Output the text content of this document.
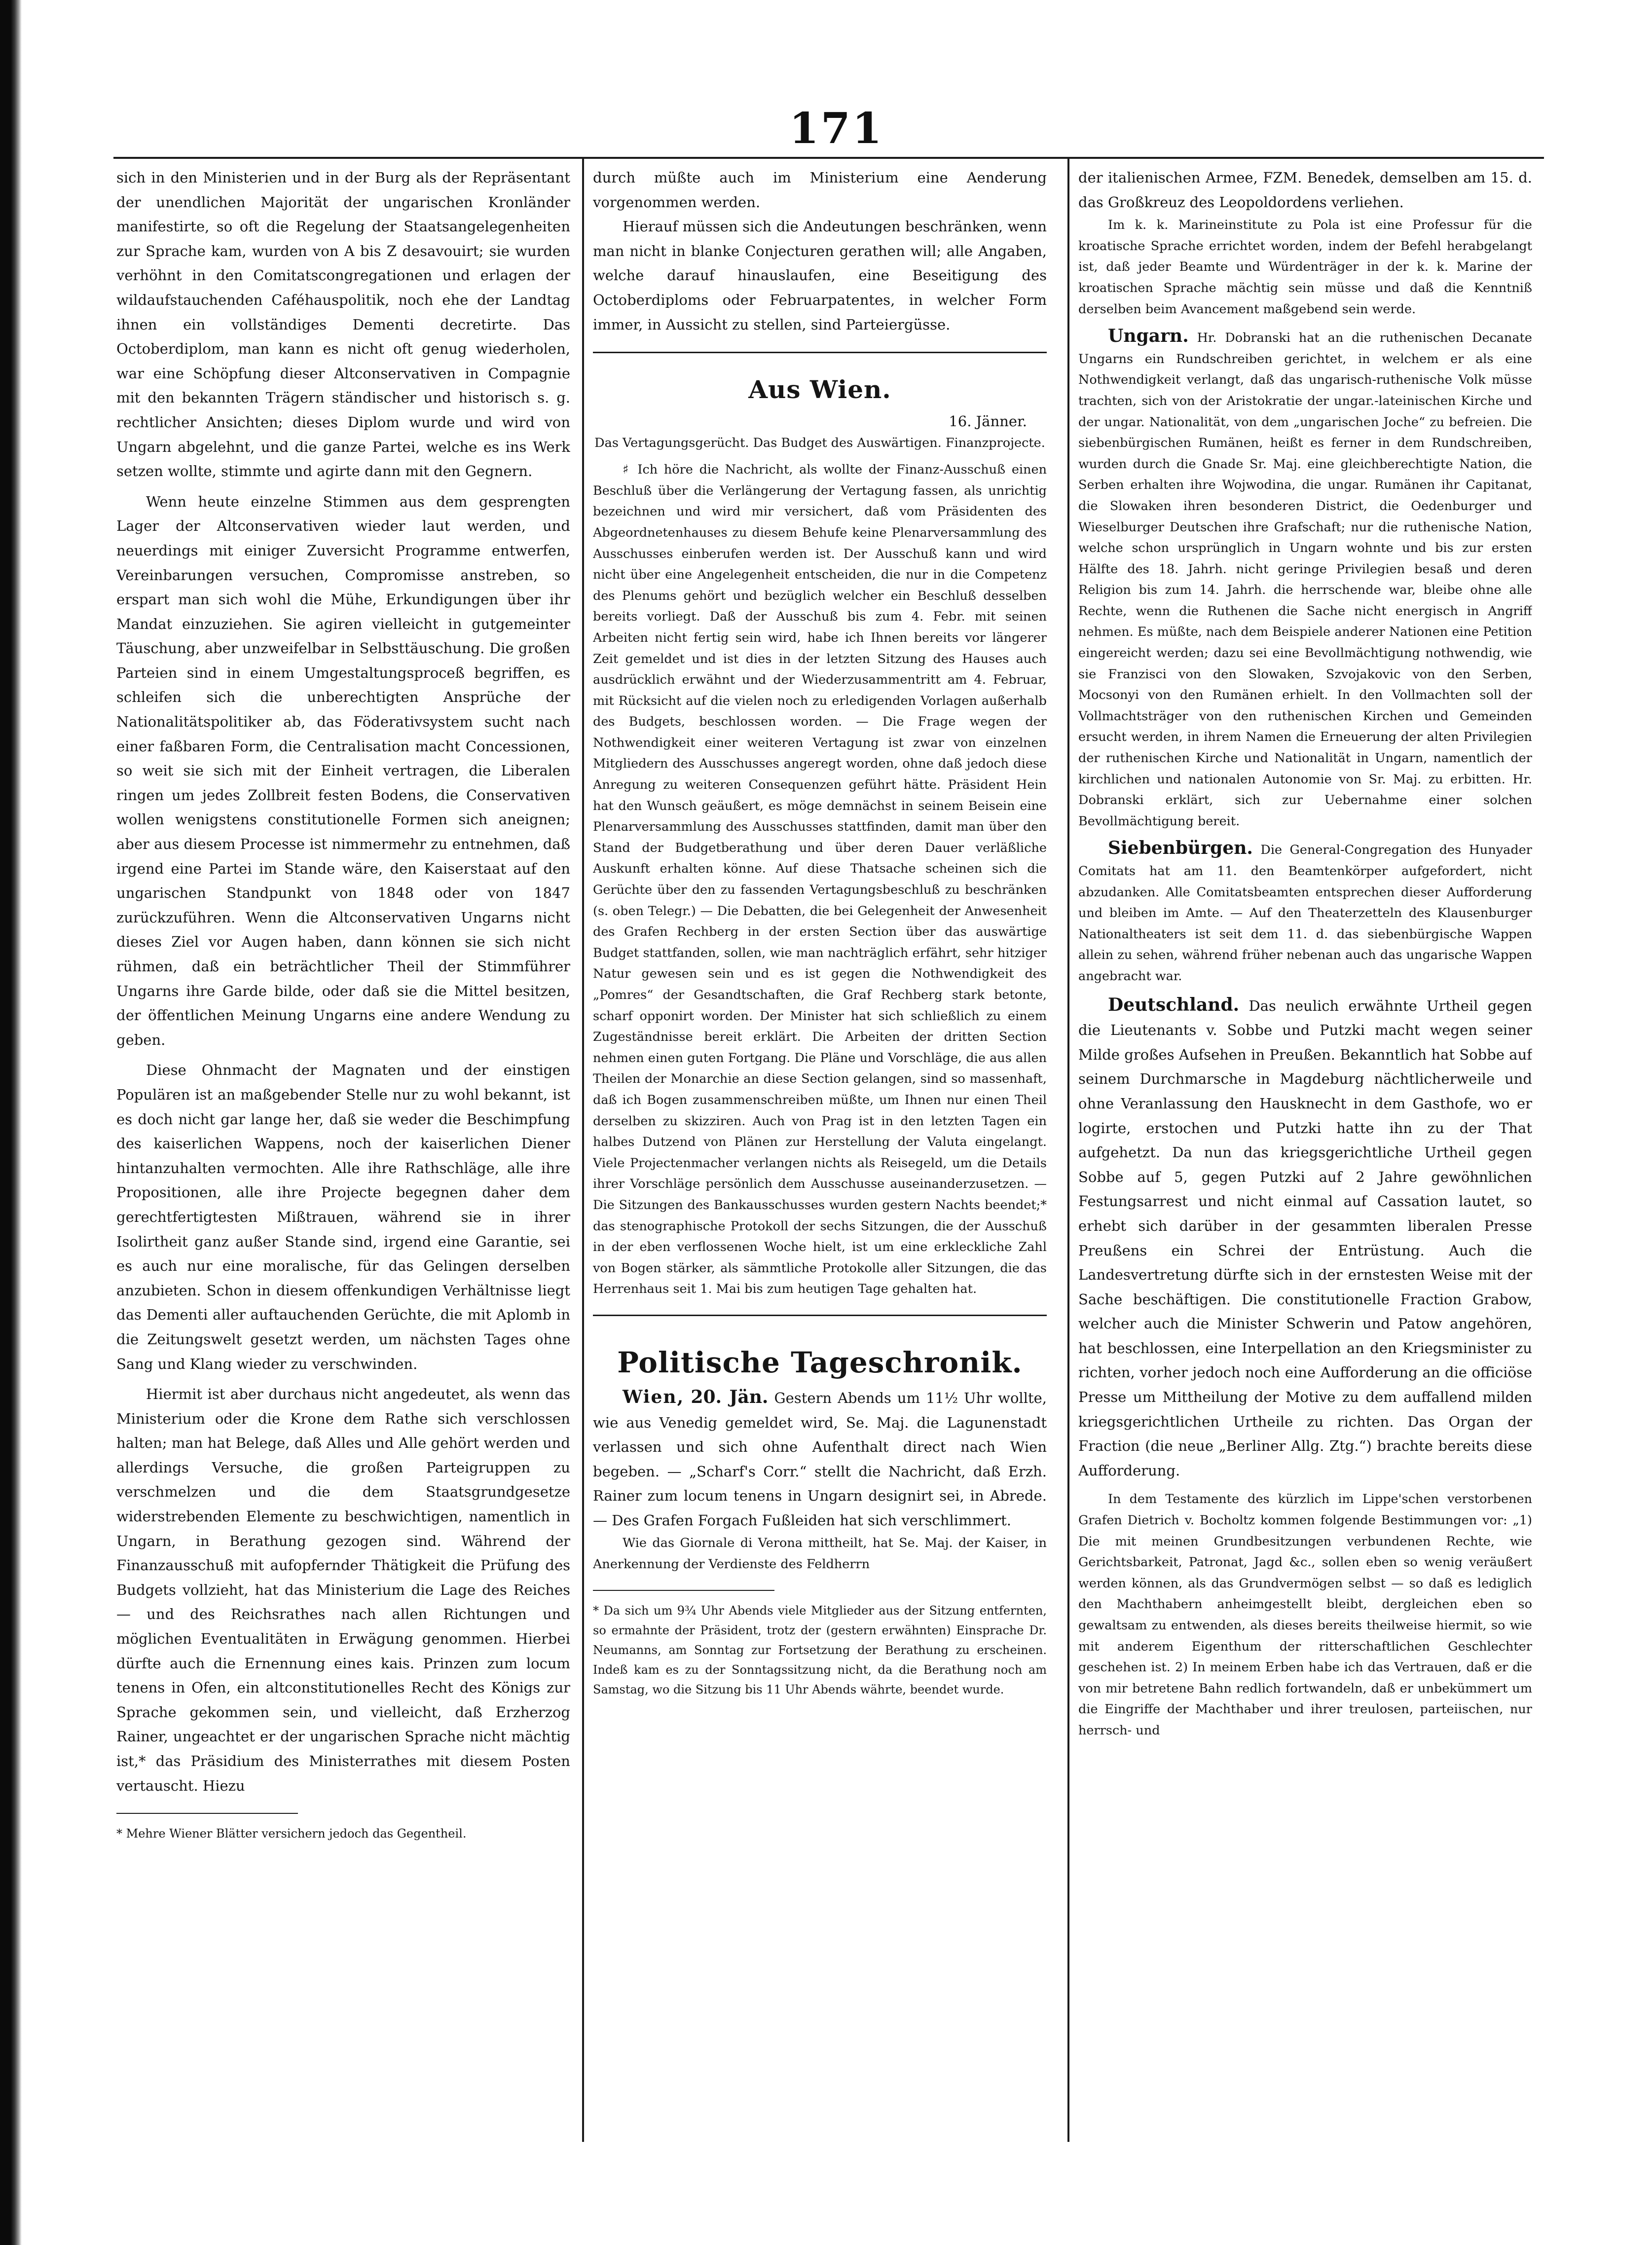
171

sich in den Ministerien und in der Burg als der Repräsentant der unendlichen Majorität der ungarischen Kronländer manifestirte, so oft die Regelung der Staatsangelegenheiten zur Sprache kam, wurden von A bis Z desavouirt; sie wurden verhöhnt in den Comitatscongregationen und erlagen der wildaufstauchenden Caféhauspolitik, noch ehe der Landtag ihnen ein vollständiges Dementi decretirte. Das Octoberdiplom, man kann es nicht oft genug wiederholen, war eine Schöpfung dieser Altconservativen in Compagnie mit den bekannten Trägern ständischer und historisch s. g. rechtlicher Ansichten; dieses Diplom wurde und wird von Ungarn abgelehnt, und die ganze Partei, welche es ins Werk setzen wollte, stimmte und agirte dann mit den Gegnern.

Wenn heute einzelne Stimmen aus dem gesprengten Lager der Altconservativen wieder laut werden, und neuerdings mit einiger Zuversicht Programme entwerfen, Vereinbarungen versuchen, Compromisse anstreben, so erspart man sich wohl die Mühe, Erkundigungen über ihr Mandat einzuziehen. Sie agiren vielleicht in gutgemeinter Täuschung, aber unzweifelbar in Selbsttäuschung. Die großen Parteien sind in einem Umgestaltungsproceß begriffen, es schleifen sich die unberechtigten Ansprüche der Nationalitätspolitiker ab, das Föderativsystem sucht nach einer faßbaren Form, die Centralisation macht Concessionen, so weit sie sich mit der Einheit vertragen, die Liberalen ringen um jedes Zollbreit festen Bodens, die Conservativen wollen wenigstens constitutionelle Formen sich aneignen; aber aus diesem Processe ist nimmermehr zu entnehmen, daß irgend eine Partei im Stande wäre, den Kaiserstaat auf den ungarischen Standpunkt von 1848 oder von 1847 zurückzuführen. Wenn die Altconservativen Ungarns nicht dieses Ziel vor Augen haben, dann können sie sich nicht rühmen, daß ein beträchtlicher Theil der Stimmführer Ungarns ihre Garde bilde, oder daß sie die Mittel besitzen, der öffentlichen Meinung Ungarns eine andere Wendung zu geben.

Diese Ohnmacht der Magnaten und der einstigen Populären ist an maßgebender Stelle nur zu wohl bekannt, ist es doch nicht gar lange her, daß sie weder die Beschimpfung des kaiserlichen Wappens, noch der kaiserlichen Diener hintanzuhalten vermochten. Alle ihre Rathschläge, alle ihre Propositionen, alle ihre Projecte begegnen daher dem gerechtfertigtesten Mißtrauen, während sie in ihrer Isolirtheit ganz außer Stande sind, irgend eine Garantie, sei es auch nur eine moralische, für das Gelingen derselben anzubieten. Schon in diesem offenkundigen Verhältnisse liegt das Dementi aller auftauchenden Gerüchte, die mit Aplomb in die Zeitungswelt gesetzt werden, um nächsten Tages ohne Sang und Klang wieder zu verschwinden.

Hiermit ist aber durchaus nicht angedeutet, als wenn das Ministerium oder die Krone dem Rathe sich verschlossen halten; man hat Belege, daß Alles und Alle gehört werden und allerdings Versuche, die großen Parteigruppen zu verschmelzen und die dem Staatsgrundgesetze widerstrebenden Elemente zu beschwichtigen, namentlich in Ungarn, in Berathung gezogen sind. Während der Finanzausschuß mit aufopfernder Thätigkeit die Prüfung des Budgets vollzieht, hat das Ministerium die Lage des Reiches — und des Reichsrathes nach allen Richtungen und möglichen Eventualitäten in Erwägung genommen. Hierbei dürfte auch die Ernennung eines kais. Prinzen zum locum tenens in Ofen, ein altconstitutionelles Recht des Königs zur Sprache gekommen sein, und vielleicht, daß Erzherzog Rainer, ungeachtet er der ungarischen Sprache nicht mächtig ist,* das Präsidium des Ministerrathes mit diesem Posten vertauscht. Hiezu

* Mehre Wiener Blätter versichern jedoch das Gegentheil.

durch müßte auch im Ministerium eine Aenderung vorgenommen werden.

Hierauf müssen sich die Andeutungen beschränken, wenn man nicht in blanke Conjecturen gerathen will; alle Angaben, welche darauf hinauslaufen, eine Beseitigung des Octoberdiploms oder Februarpatentes, in welcher Form immer, in Aussicht zu stellen, sind Parteiergüsse.

Aus Wien.
16. Jänner.
Das Vertagungsgerücht. Das Budget des Auswärtigen. Finanzprojecte.

♯ Ich höre die Nachricht, als wollte der Finanz-Ausschuß einen Beschluß über die Verlängerung der Vertagung fassen, als unrichtig bezeichnen und wird mir versichert, daß vom Präsidenten des Abgeordnetenhauses zu diesem Behufe keine Plenarversammlung des Ausschusses einberufen werden ist. Der Ausschuß kann und wird nicht über eine Angelegenheit entscheiden, die nur in die Competenz des Plenums gehört und bezüglich welcher ein Beschluß desselben bereits vorliegt. Daß der Ausschuß bis zum 4. Febr. mit seinen Arbeiten nicht fertig sein wird, habe ich Ihnen bereits vor längerer Zeit gemeldet und ist dies in der letzten Sitzung des Hauses auch ausdrücklich erwähnt und der Wiederzusammentritt am 4. Februar, mit Rücksicht auf die vielen noch zu erledigenden Vorlagen außerhalb des Budgets, beschlossen worden. — Die Frage wegen der Nothwendigkeit einer weiteren Vertagung ist zwar von einzelnen Mitgliedern des Ausschusses angeregt worden, ohne daß jedoch diese Anregung zu weiteren Consequenzen geführt hätte. Präsident Hein hat den Wunsch geäußert, es möge demnächst in seinem Beisein eine Plenarversammlung des Ausschusses stattfinden, damit man über den Stand der Budgetberathung und über deren Dauer verläßliche Auskunft erhalten könne. Auf diese Thatsache scheinen sich die Gerüchte über den zu fassenden Vertagungsbeschluß zu beschränken (s. oben Telegr.) — Die Debatten, die bei Gelegenheit der Anwesenheit des Grafen Rechberg in der ersten Section über das auswärtige Budget stattfanden, sollen, wie man nachträglich erfährt, sehr hitziger Natur gewesen sein und es ist gegen die Nothwendigkeit des „Pomres“ der Gesandtschaften, die Graf Rechberg stark betonte, scharf opponirt worden. Der Minister hat sich schließlich zu einem Zugeständnisse bereit erklärt. Die Arbeiten der dritten Section nehmen einen guten Fortgang. Die Pläne und Vorschläge, die aus allen Theilen der Monarchie an diese Section gelangen, sind so massenhaft, daß ich Bogen zusammenschreiben müßte, um Ihnen nur einen Theil derselben zu skizziren. Auch von Prag ist in den letzten Tagen ein halbes Dutzend von Plänen zur Herstellung der Valuta eingelangt. Viele Projectenmacher verlangen nichts als Reisegeld, um die Details ihrer Vorschläge persönlich dem Ausschusse auseinanderzusetzen. — Die Sitzungen des Bankausschusses wurden gestern Nachts beendet;* das stenographische Protokoll der sechs Sitzungen, die der Ausschuß in der eben verflossenen Woche hielt, ist um eine erkleckliche Zahl von Bogen stärker, als sämmtliche Protokolle aller Sitzungen, die das Herrenhaus seit 1. Mai bis zum heutigen Tage gehalten hat.

Politische Tageschronik.

Wien, 20. Jän. Gestern Abends um 11½ Uhr wollte, wie aus Venedig gemeldet wird, Se. Maj. die Lagunenstadt verlassen und sich ohne Aufenthalt direct nach Wien begeben. — „Scharf's Corr.“ stellt die Nachricht, daß Erzh. Rainer zum locum tenens in Ungarn designirt sei, in Abrede. — Des Grafen Forgach Fußleiden hat sich verschlimmert.

Wie das Giornale di Verona mittheilt, hat Se. Maj. der Kaiser, in Anerkennung der Verdienste des Feldherrn

* Da sich um 9¾ Uhr Abends viele Mitglieder aus der Sitzung entfernten, so ermahnte der Präsident, trotz der (gestern erwähnten) Einsprache Dr. Neumanns, am Sonntag zur Fortsetzung der Berathung zu erscheinen. Indeß kam es zu der Sonntagssitzung nicht, da die Berathung noch am Samstag, wo die Sitzung bis 11 Uhr Abends währte, beendet wurde.

der italienischen Armee, FZM. Benedek, demselben am 15. d. das Großkreuz des Leopoldordens verliehen.

Im k. k. Marineinstitute zu Pola ist eine Professur für die kroatische Sprache errichtet worden, indem der Befehl herabgelangt ist, daß jeder Beamte und Würdenträger in der k. k. Marine der kroatischen Sprache mächtig sein müsse und daß die Kenntniß derselben beim Avancement maßgebend sein werde.

Ungarn. Hr. Dobranski hat an die ruthenischen Decanate Ungarns ein Rundschreiben gerichtet, in welchem er als eine Nothwendigkeit verlangt, daß das ungarisch-ruthenische Volk müsse trachten, sich von der Aristokratie der ungar.-lateinischen Kirche und der ungar. Nationalität, von dem „ungarischen Joche“ zu befreien. Die siebenbürgischen Rumänen, heißt es ferner in dem Rundschreiben, wurden durch die Gnade Sr. Maj. eine gleichberechtigte Nation, die Serben erhalten ihre Wojwodina, die ungar. Rumänen ihr Capitanat, die Slowaken ihren besonderen District, die Oedenburger und Wieselburger Deutschen ihre Grafschaft; nur die ruthenische Nation, welche schon ursprünglich in Ungarn wohnte und bis zur ersten Hälfte des 18. Jahrh. nicht geringe Privilegien besaß und deren Religion bis zum 14. Jahrh. die herrschende war, bleibe ohne alle Rechte, wenn die Ruthenen die Sache nicht energisch in Angriff nehmen. Es müßte, nach dem Beispiele anderer Nationen eine Petition eingereicht werden; dazu sei eine Bevollmächtigung nothwendig, wie sie Franzisci von den Slowaken, Szvojakovic von den Serben, Mocsonyi von den Rumänen erhielt. In den Vollmachten soll der Vollmachtsträger von den ruthenischen Kirchen und Gemeinden ersucht werden, in ihrem Namen die Erneuerung der alten Privilegien der ruthenischen Kirche und Nationalität in Ungarn, namentlich der kirchlichen und nationalen Autonomie von Sr. Maj. zu erbitten. Hr. Dobranski erklärt, sich zur Uebernahme einer solchen Bevollmächtigung bereit.

Siebenbürgen. Die General-Congregation des Hunyader Comitats hat am 11. den Beamtenkörper aufgefordert, nicht abzudanken. Alle Comitatsbeamten entsprechen dieser Aufforderung und bleiben im Amte. — Auf den Theaterzetteln des Klausenburger Nationaltheaters ist seit dem 11. d. das siebenbürgische Wappen allein zu sehen, während früher nebenan auch das ungarische Wappen angebracht war.

Deutschland. Das neulich erwähnte Urtheil gegen die Lieutenants v. Sobbe und Putzki macht wegen seiner Milde großes Aufsehen in Preußen. Bekanntlich hat Sobbe auf seinem Durchmarsche in Magdeburg nächtlicherweile und ohne Veranlassung den Hausknecht in dem Gasthofe, wo er logirte, erstochen und Putzki hatte ihn zu der That aufgehetzt. Da nun das kriegsgerichtliche Urtheil gegen Sobbe auf 5, gegen Putzki auf 2 Jahre gewöhnlichen Festungsarrest und nicht einmal auf Cassation lautet, so erhebt sich darüber in der gesammten liberalen Presse Preußens ein Schrei der Entrüstung. Auch die Landesvertretung dürfte sich in der ernstesten Weise mit der Sache beschäftigen. Die constitutionelle Fraction Grabow, welcher auch die Minister Schwerin und Patow angehören, hat beschlossen, eine Interpellation an den Kriegsminister zu richten, vorher jedoch noch eine Aufforderung an die officiöse Presse um Mittheilung der Motive zu dem auffallend milden kriegsgerichtlichen Urtheile zu richten. Das Organ der Fraction (die neue „Berliner Allg. Ztg.“) brachte bereits diese Aufforderung.

In dem Testamente des kürzlich im Lippe'schen verstorbenen Grafen Dietrich v. Bocholtz kommen folgende Bestimmungen vor: „1) Die mit meinen Grundbesitzungen verbundenen Rechte, wie Gerichtsbarkeit, Patronat, Jagd &c., sollen eben so wenig veräußert werden können, als das Grundvermögen selbst — so daß es lediglich den Machthabern anheimgestellt bleibt, dergleichen eben so gewaltsam zu entwenden, als dieses bereits theilweise hiermit, so wie mit anderem Eigenthum der ritterschaftlichen Geschlechter geschehen ist. 2) In meinem Erben habe ich das Vertrauen, daß er die von mir betretene Bahn redlich fortwandeln, daß er unbekümmert um die Eingriffe der Machthaber und ihrer treulosen, parteiischen, nur herrsch- und
